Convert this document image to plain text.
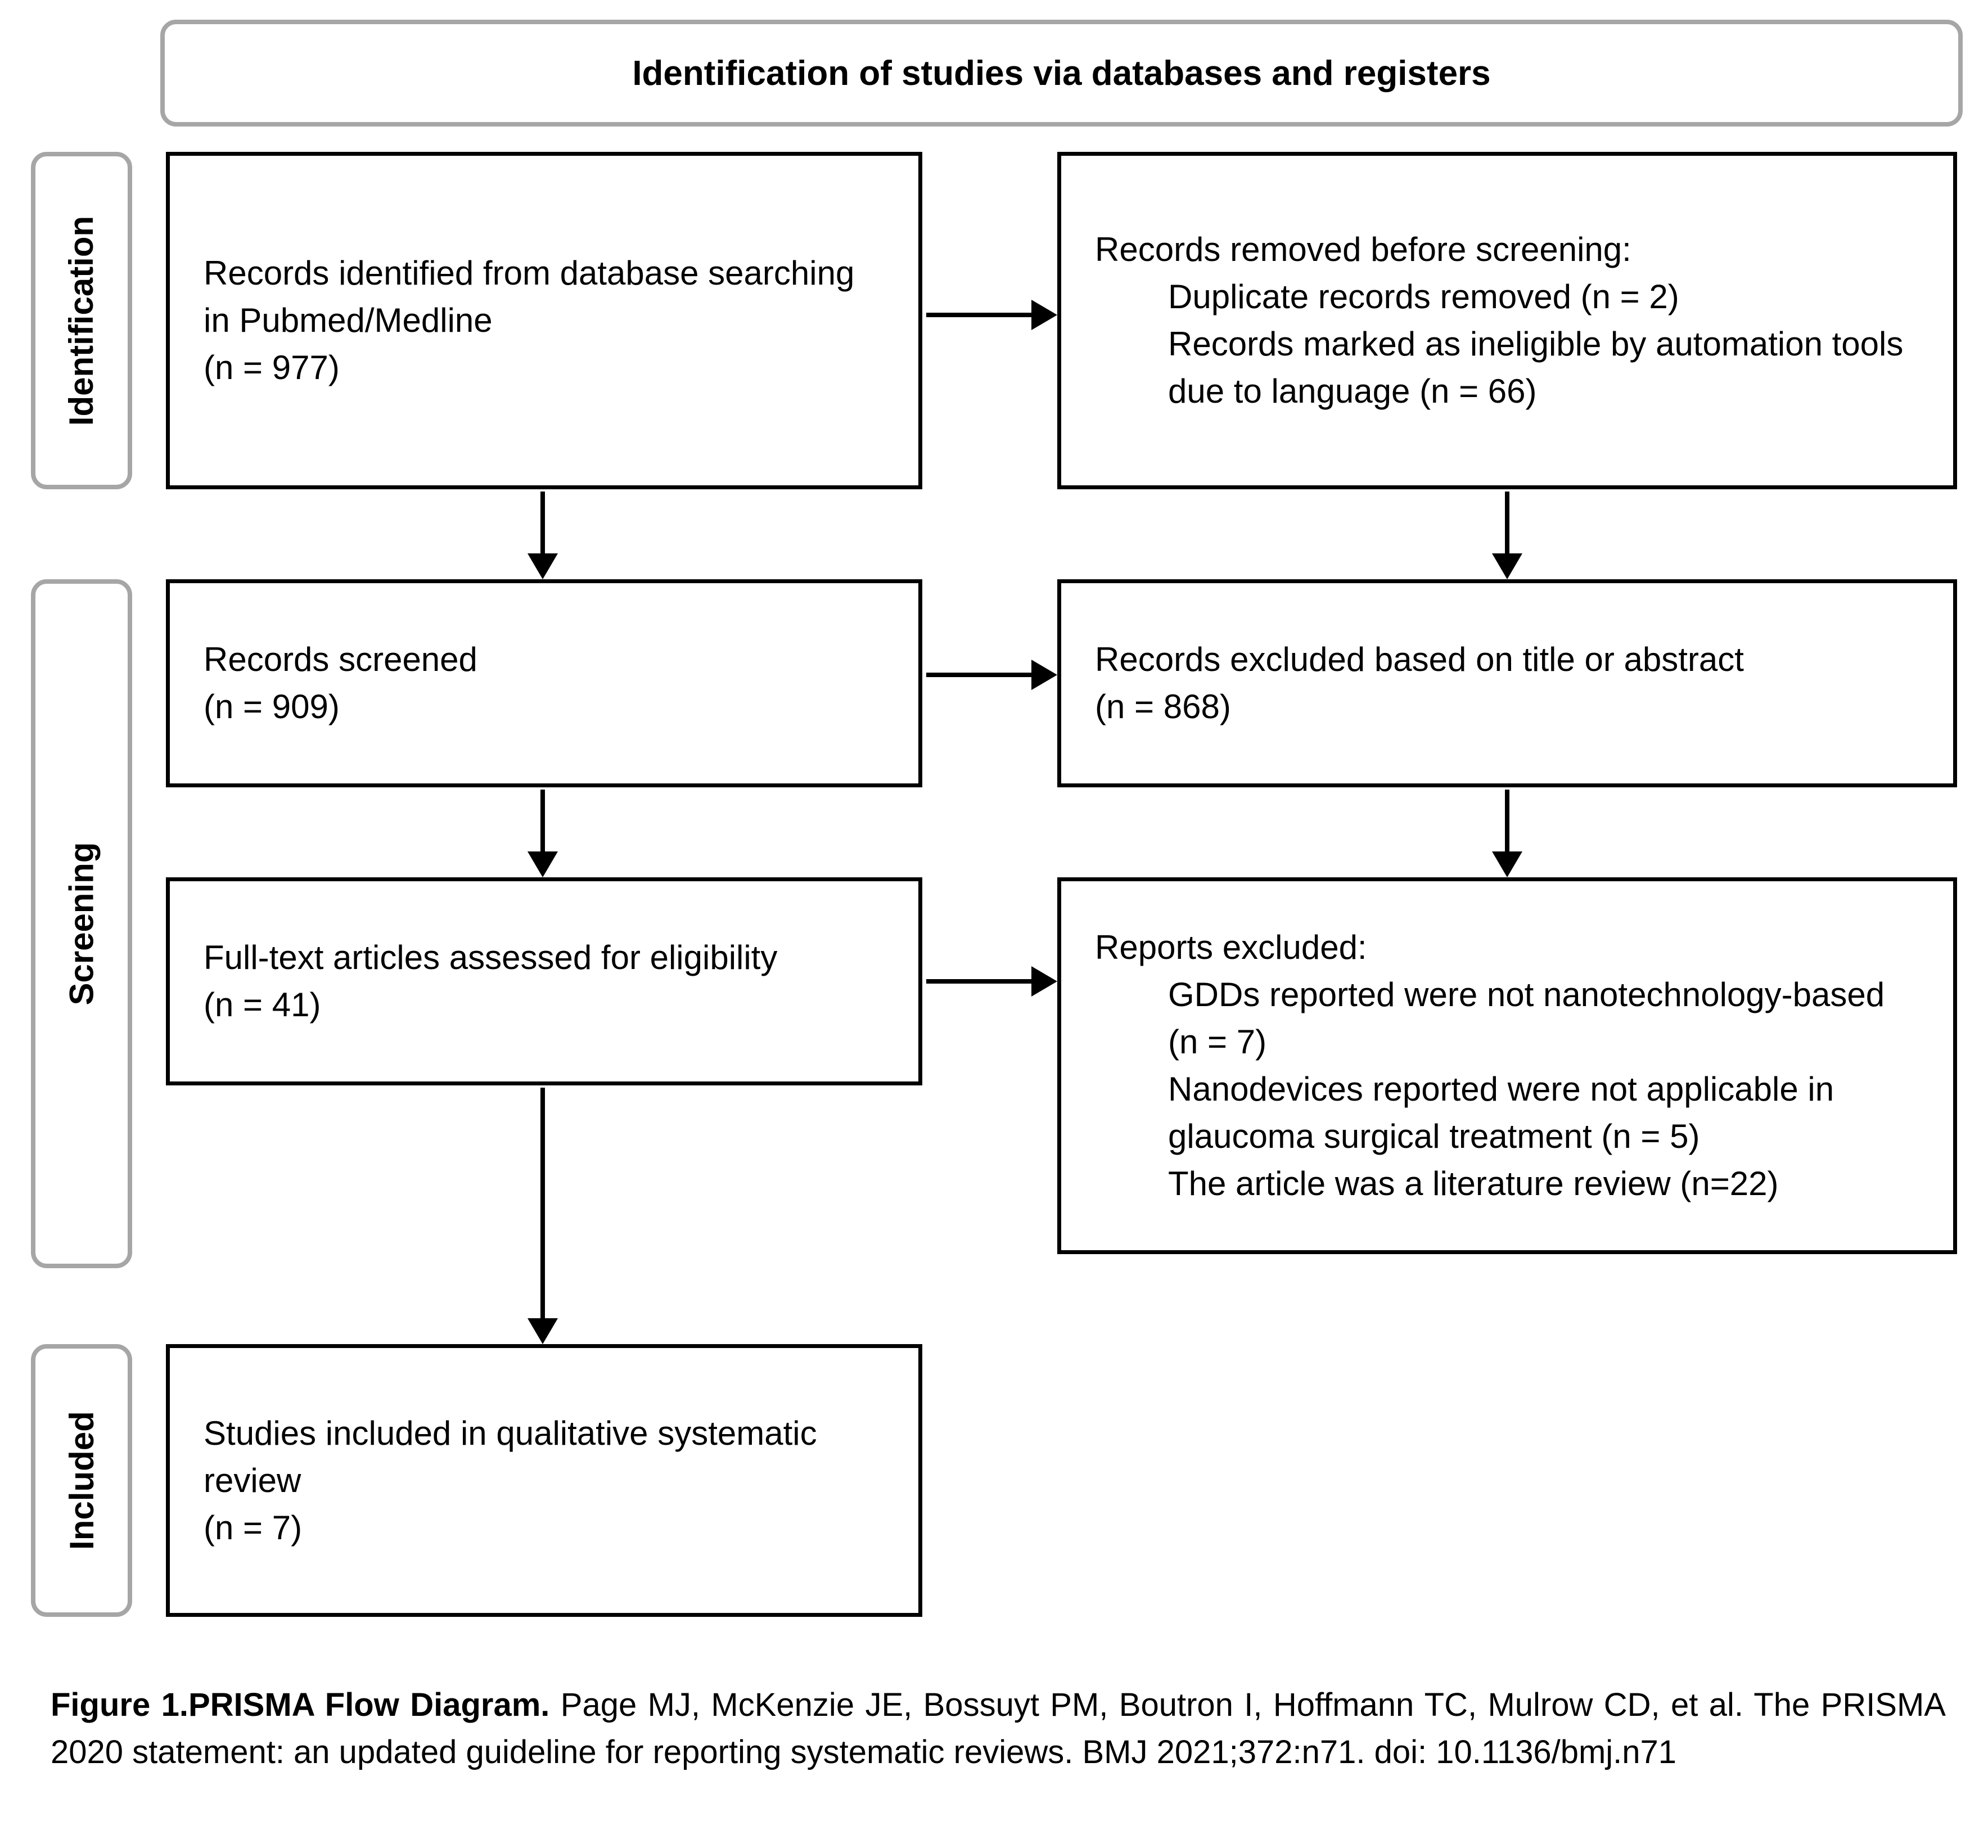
Identification of studies via databases and registers
Identification
Screening
Included
Records identified from database searching in Pubmed/Medline
(n = 977)
Records removed before screening:
Duplicate records removed (n = 2)
Records marked as ineligible by automation tools due to language (n = 66)
Records screened
(n = 909)
Records excluded based on title or abstract
(n = 868)
Full-text articles assessed for eligibility
(n = 41)
Reports excluded:
GDDs reported were not nanotechnology-based (n = 7)
Nanodevices reported were not applicable in glaucoma surgical treatment (n = 5)
The article was a literature review (n=22)
Studies included in qualitative systematic review
(n = 7)
Figure 1.PRISMA Flow Diagram. Page MJ, McKenzie JE, Bossuyt PM, Boutron I, Hoffmann TC, Mulrow CD, et al. The PRISMA 2020 statement: an updated guideline for reporting systematic reviews. BMJ 2021;372:n71. doi: 10.1136/bmj.n71
